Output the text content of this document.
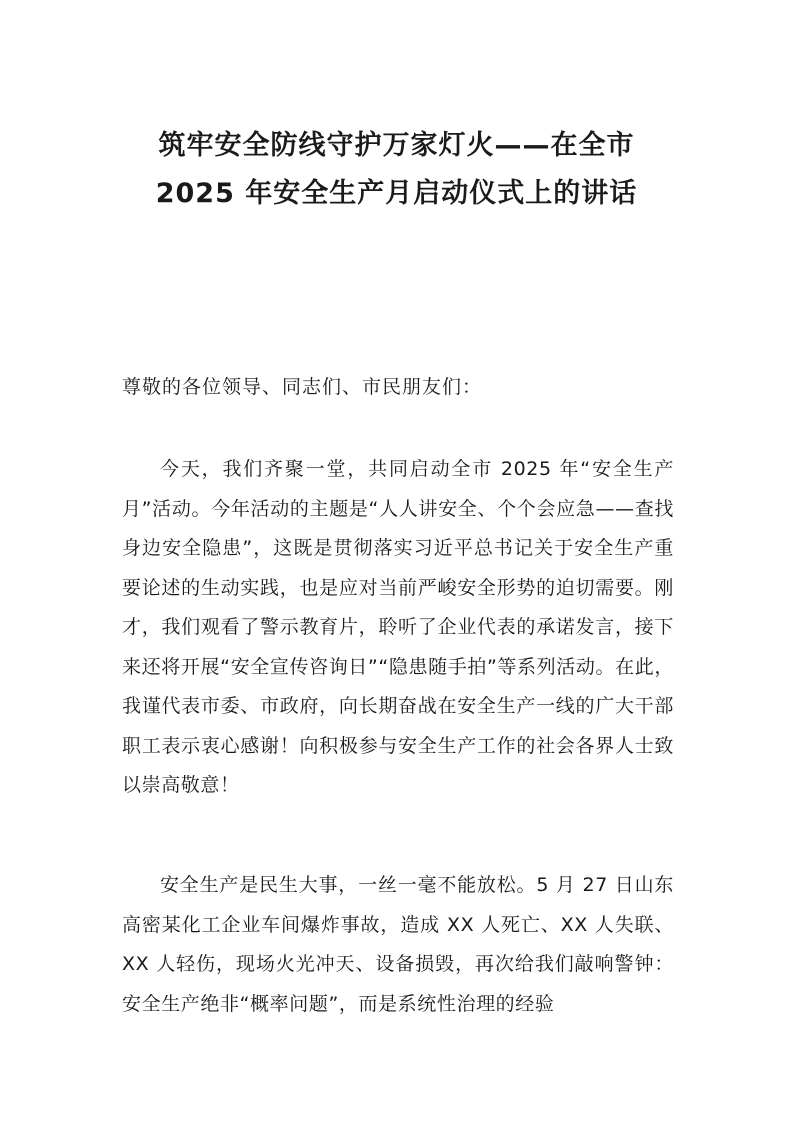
筑牢安全防线守护万家灯火——在全市
2025 年安全生产月启动仪式上的讲话
尊敬的各位领导、同志们、市民朋友们：

今天，我们齐聚一堂，共同启动全市 2025 年“安全生产月”活动。今年活动的主题是“人人讲安全、个个会应急——查找身边安全隐患”，这既是贯彻落实习近平总书记关于安全生产重要论述的生动实践，也是应对当前严峻安全形势的迫切需要。刚才，我们观看了警示教育片，聆听了企业代表的承诺发言，接下来还将开展“安全宣传咨询日”“隐患随手拍”等系列活动。在此，我谨代表市委、市政府，向长期奋战在安全生产一线的广大干部职工表示衷心感谢！向积极参与安全生产工作的社会各界人士致以崇高敬意！

安全生产是民生大事，一丝一毫不能放松。5 月 27 日山东高密某化工企业车间爆炸事故，造成 XX 人死亡、XX 人失联、XX 人轻伤，现场火光冲天、设备损毁，再次给我们敲响警钟：安全生产绝非“概率问题”，而是系统性治理的经验
